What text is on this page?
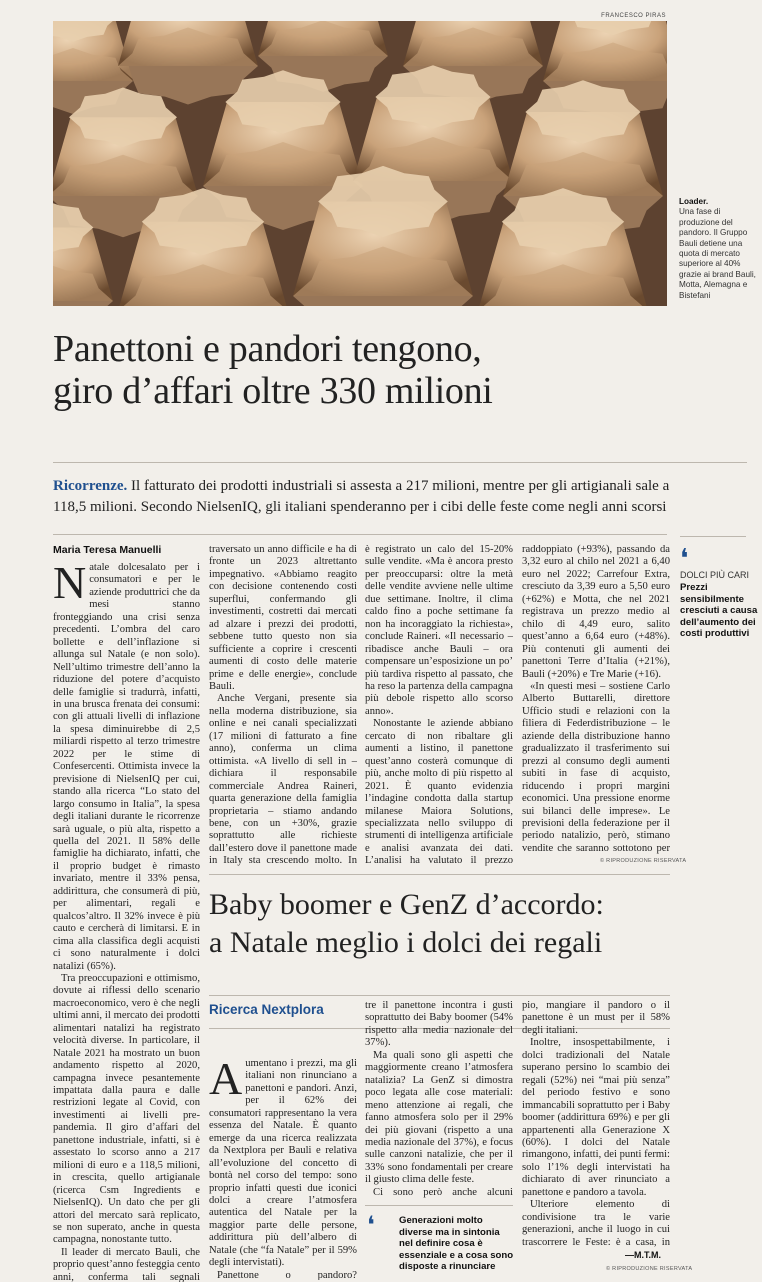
FRANCESCO PIRAS
Loader.
Una fase di produzione del pandoro. Il Gruppo Bauli detiene una quota di mercato superiore al 40% grazie ai brand Bauli, Motta, Alemagna e Bistefani
Panettoni e pandori tengono,
giro d’affari oltre 330 milioni
Ricorrenze. Il fatturato dei prodotti industriali si assesta a 217 milioni, mentre per gli artigianali sale a 118,5 milioni. Secondo NielsenIQ, gli italiani spenderanno per i cibi delle feste come negli anni scorsi
Maria Teresa Manuelli
N atale dolcesalato per i consumatori e per le aziende produttrici che da mesi stanno fronteggiando una crisi senza precedenti. L’ombra del caro bollette e dell’inflazione si allunga sul Natale (e non solo). Nell’ultimo trimestre dell’anno la riduzione del potere d’acquisto delle famiglie si tradurrà, infatti, in una brusca frenata dei consumi: con gli attuali livelli di inflazione la spesa diminuirebbe di 2,5 miliardi rispetto al terzo trimestre 2022 per le stime di Confesercenti. Ottimista invece la previsione di NielsenIQ per cui, stando alla ricerca “Lo stato del largo consumo in Italia”, la spesa degli italiani durante le ricorrenze sarà uguale, o più alta, rispetto a quella del 2021. Il 58% delle famiglie ha dichiarato, infatti, che il proprio budget è rimasto invariato, mentre il 33% pensa, addirittura, che consumerà di più, per alimentari, regali e qualcos’altro. Il 32% invece è più cauto e cercherà di limitarsi. E in cima alla classifica degli acquisti ci sono naturalmente i dolci natalizi (65%).

Tra preoccupazioni e ottimismo, dovute ai riflessi dello scenario macroeconomico, vero è che negli ultimi anni, il mercato dei prodotti alimentari natalizi ha registrato velocità diverse. In particolare, il Natale 2021 ha mostrato un buon andamento rispetto al 2020, campagna invece pesantemente impattata dalla paura e dalle restrizioni legate al Covid, con investimenti ai livelli pre-pandemia. Il giro d’affari del panettone industriale, infatti, si è assestato lo scorso anno a 217 milioni di euro e a 118,5 milioni, in crescita, quello artigianale (ricerca Csm Ingredients e NielsenIQ). Un dato che per gli attori del mercato sarà replicato, se non superato, anche in questa campagna, nonostante tutto.

Il leader di mercato Bauli, che proprio quest’anno festeggia cento anni, conferma tali segnali

traversato un anno difficile e ha di fronte un 2023 altrettanto impegnativo. «Abbiamo reagito con decisione contenendo costi superflui, confermando gli investimenti, costretti dai mercati ad alzare i prezzi dei prodotti, sebbene tutto questo non sia sufficiente a coprire i crescenti aumenti di costo delle materie prime e delle energie», conclude Bauli.

Anche Vergani, presente sia nella moderna distribuzione, sia online e nei canali specializzati (17 milioni di fatturato a fine anno), conferma un clima ottimista. «A livello di sell in – dichiara il responsabile commerciale Andrea Raineri, quarta generazione della famiglia proprietaria – stiamo andando bene, con un +30%, grazie soprattutto alle richieste dall’estero dove il panettone made in Italy sta crescendo molto. In

è registrato un calo del 15-20% sulle vendite. «Ma è ancora presto per preoccuparsi: oltre la metà delle vendite avviene nelle ultime due settimane. Inoltre, il clima caldo fino a poche settimane fa non ha incoraggiato la richiesta», conclude Raineri. «Il necessario – ribadisce anche Bauli – ora compensare un’esposizione un po’ più tardiva rispetto al passato, che ha reso la partenza della campagna più debole rispetto allo scorso anno».

Nonostante le aziende abbiano cercato di non ribaltare gli aumenti a listino, il panettone quest’anno costerà comunque di più, anche molto di più rispetto al 2021. È quanto evidenzia l’indagine condotta dalla startup milanese Maiora Solutions, specializzata nello sviluppo di strumenti di intelligenza artificiale e analisi avanzata dei dati. L’analisi ha valutato il prezzo

raddoppiato (+93%), passando da 3,32 euro al chilo nel 2021 a 6,40 euro nel 2022; Carrefour Extra, cresciuto da 3,39 euro a 5,50 euro (+62%) e Motta, che nel 2021 registrava un prezzo medio al chilo di 4,49 euro, salito quest’anno a 6,64 euro (+48%). Più contenuti gli aumenti dei panettoni Terre d’Italia (+21%), Bauli (+20%) e Tre Marie (+16).

«In questi mesi – sostiene Carlo Alberto Buttarelli, direttore Ufficio studi e relazioni con la filiera di Federdistribuzione – le aziende della distribuzione hanno gradualizzato il trasferimento sui prezzi al consumo degli aumenti subiti in fase di acquisto, riducendo i propri margini economici. Una pressione enorme sui bilanci delle imprese». Le previsioni della federazione per il periodo natalizio, però, stimano vendite che saranno sottotono per

© RIPRODUZIONE RISERVATA
❛
DOLCI PIÙ CARI
Prezzi sensibilmente cresciuti a causa dell’aumento dei costi produttivi
Baby boomer e GenZ d’accordo:
a Natale meglio i dolci dei regali
Ricerca Nextplora
A umentano i prezzi, ma gli italiani non rinunciano a panettoni e pandori. Anzi, per il 62% dei consumatori rappresentano la vera essenza del Natale. È quanto emerge da una ricerca realizzata da Nextplora per Bauli e relativa all’evoluzione del concetto di bontà nel corso del tempo: sono proprio infatti questi due iconici dolci a creare l’atmosfera autentica del Natale per la maggior parte delle persone, addirittura più dell’albero di Natale (che “fa Natale” per il 59% degli intervistati).

Panettone o pandoro?

tre il panettone incontra i gusti soprattutto dei Baby boomer (54% rispetto alla media nazionale del 37%).

Ma quali sono gli aspetti che maggiormente creano l’atmosfera natalizia? La GenZ si dimostra poco legata alle cose materiali: meno attenzione ai regali, che fanno atmosfera solo per il 29% dei più giovani (rispetto a una media nazionale del 37%), e focus sulle canzoni natalizie, che per il 33% sono fondamentali per creare il giusto clima delle feste.

Ci sono però anche alcuni

❛	Generazioni molto diverse ma in sintonia nel definire cosa è essenziale e a cosa sono disposte a rinunciare

pio, mangiare il pandoro o il panettone è un must per il 58% degli italiani.

Inoltre, insospettabilmente, i dolci tradizionali del Natale superano persino lo scambio dei regali (52%) nei “mai più senza” del periodo festivo e sono immancabili soprattutto per i Baby boomer (addirittura 69%) e per gli appartenenti alla Generazione X (60%). I dolci del Natale rimangono, infatti, dei punti fermi: solo l’1% degli intervistati ha dichiarato di aver rinunciato a panettone e pandoro a tavola.

Ulteriore elemento di condivisione tra le varie generazioni, anche il luogo in cui trascorrere le Feste: è a casa, in

—M.T.M.
© RIPRODUZIONE RISERVATA
